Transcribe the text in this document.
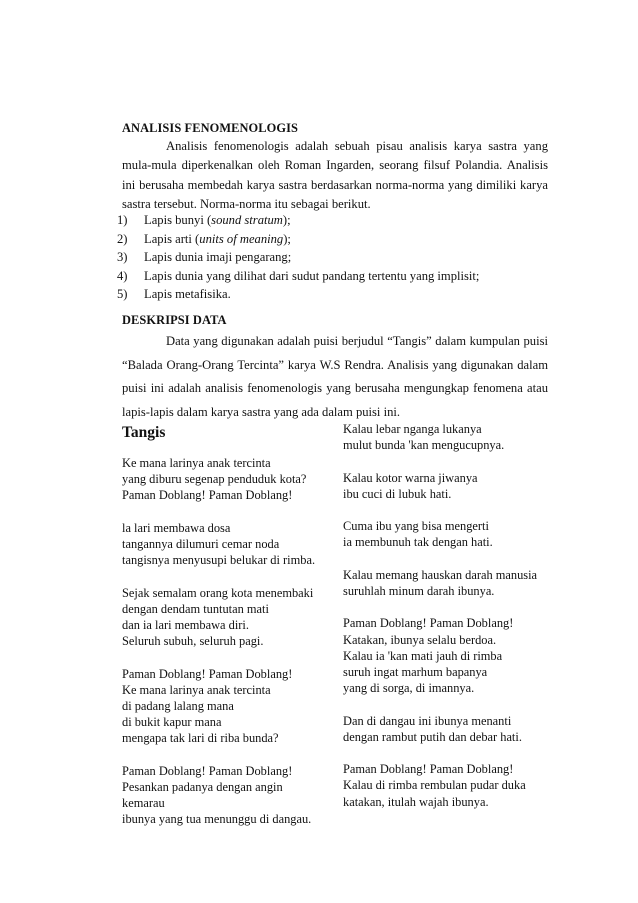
ANALISIS FENOMENOLOGIS

Analisis fenomenologis adalah sebuah pisau analisis karya sastra yang mula-mula diperkenalkan oleh Roman Ingarden, seorang filsuf Polandia. Analisis ini berusaha membedah karya sastra berdasarkan norma-norma yang dimiliki karya sastra tersebut. Norma-norma itu sebagai berikut.

1) Lapis bunyi (sound stratum);
2) Lapis arti (units of meaning);
3) Lapis dunia imaji pengarang;
4) Lapis dunia yang dilihat dari sudut pandang tertentu yang implisit;
5) Lapis metafisika.
DESKRIPSI DATA

Data yang digunakan adalah puisi berjudul “Tangis” dalam kumpulan puisi “Balada Orang-Orang Tercinta” karya W.S Rendra. Analisis yang digunakan dalam puisi ini adalah analisis fenomenologis yang berusaha mengungkap fenomena atau lapis-lapis dalam karya sastra yang ada dalam puisi ini.

Tangis
Ke mana larinya anak tercinta
yang diburu segenap penduduk kota?
Paman Doblang! Paman Doblang!
la lari membawa dosa
tangannya dilumuri cemar noda
tangisnya menyusupi belukar di rimba.
Sejak semalam orang kota menembaki
dengan dendam tuntutan mati
dan ia lari membawa diri.
Seluruh subuh, seluruh pagi.
Paman Doblang! Paman Doblang!
Ke mana larinya anak tercinta
di padang lalang mana
di bukit kapur mana
mengapa tak lari di riba bunda?
Paman Doblang! Paman Doblang!
Pesankan padanya dengan angin
kemarau
ibunya yang tua menunggu di dangau.
Kalau lebar nganga lukanya
mulut bunda 'kan mengucupnya.
Kalau kotor warna jiwanya
ibu cuci di lubuk hati.
Cuma ibu yang bisa mengerti
ia membunuh tak dengan hati.
Kalau memang hauskan darah manusia
suruhlah minum darah ibunya.
Paman Doblang! Paman Doblang!
Katakan, ibunya selalu berdoa.
Kalau ia 'kan mati jauh di rimba
suruh ingat marhum bapanya
yang di sorga, di imannya.
Dan di dangau ini ibunya menanti
dengan rambut putih dan debar hati.
Paman Doblang! Paman Doblang!
Kalau di rimba rembulan pudar duka
katakan, itulah wajah ibunya.
